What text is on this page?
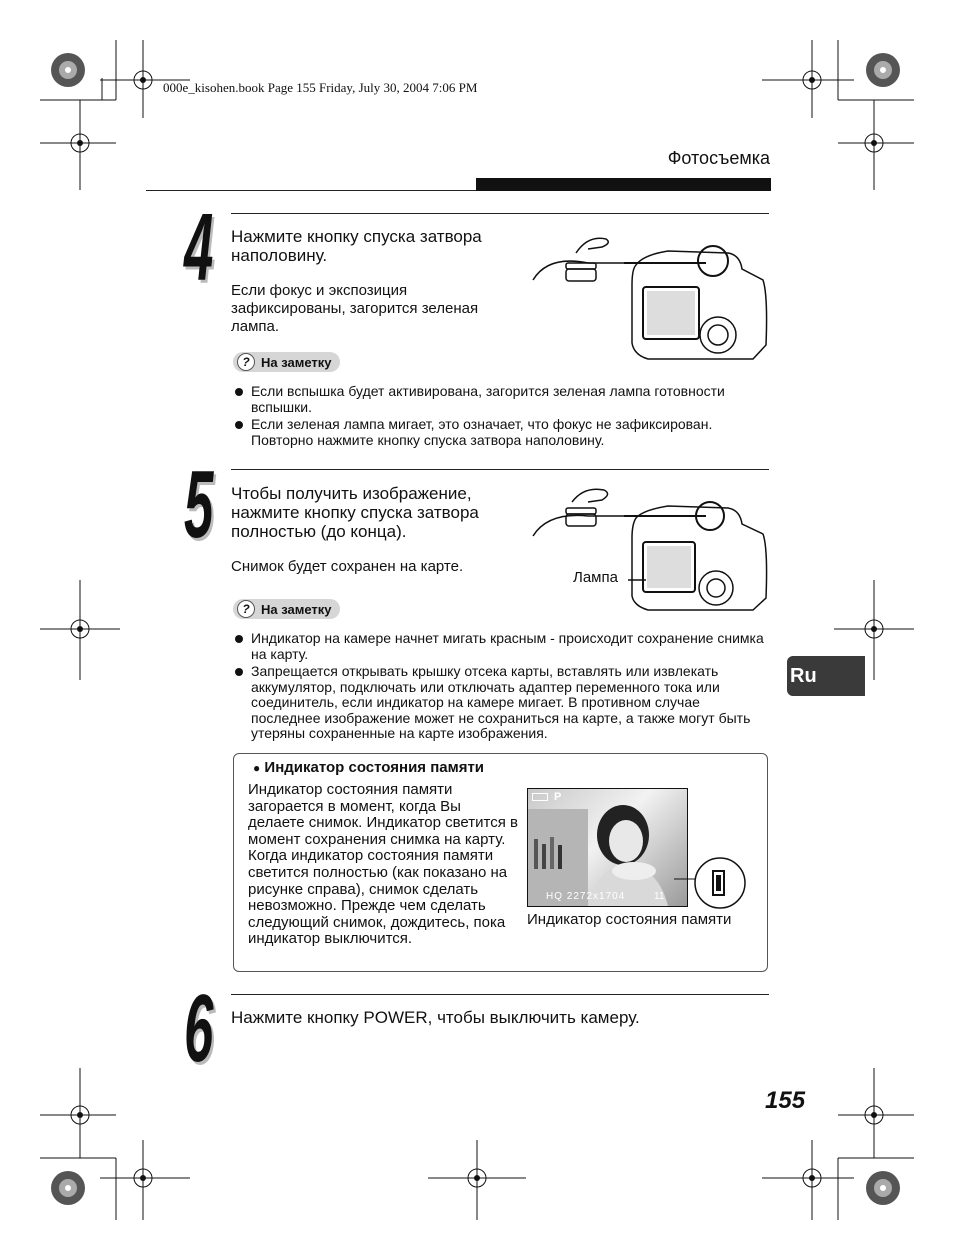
000e_kisohen.book Page 155 Friday, July 30, 2004 7:06 PM
Фотосъемка
4 Нажмите кнопку спуска затвора наполовину.
Если фокус и экспозиция зафиксированы, загорится зеленая лампа.
? На заметку
Если вспышка будет активирована, загорится зеленая лампа готовности вспышки.
Если зеленая лампа мигает, это означает, что фокус не зафиксирован. Повторно нажмите кнопку спуска затвора наполовину.
5 Чтобы получить изображение, нажмите кнопку спуска затвора полностью (до конца).
Снимок будет сохранен на карте.
Лампа
? На заметку
Индикатор на камере начнет мигать красным - происходит сохранение снимка на карту.
Запрещается открывать крышку отсека карты, вставлять или извлекать аккумулятор, подключать или отключать адаптер переменного тока или соединитель, если индикатор на камере мигает. В противном случае последнее изображение может не сохраниться на карте, а также могут быть утеряны сохраненные на карте изображения.
● Индикатор состояния памяти
Индикатор состояния памяти загорается в момент, когда Вы делаете снимок. Индикатор светится в момент сохранения снимка на карту. Когда индикатор состояния памяти светится полностью (как показано на рисунке справа), снимок сделать невозможно. Прежде чем сделать следующий снимок, дождитесь, пока индикатор выключится.
P
HQ 2272x1704	11
Индикатор состояния памяти
6 Нажмите кнопку POWER, чтобы выключить камеру.
Ru
155
